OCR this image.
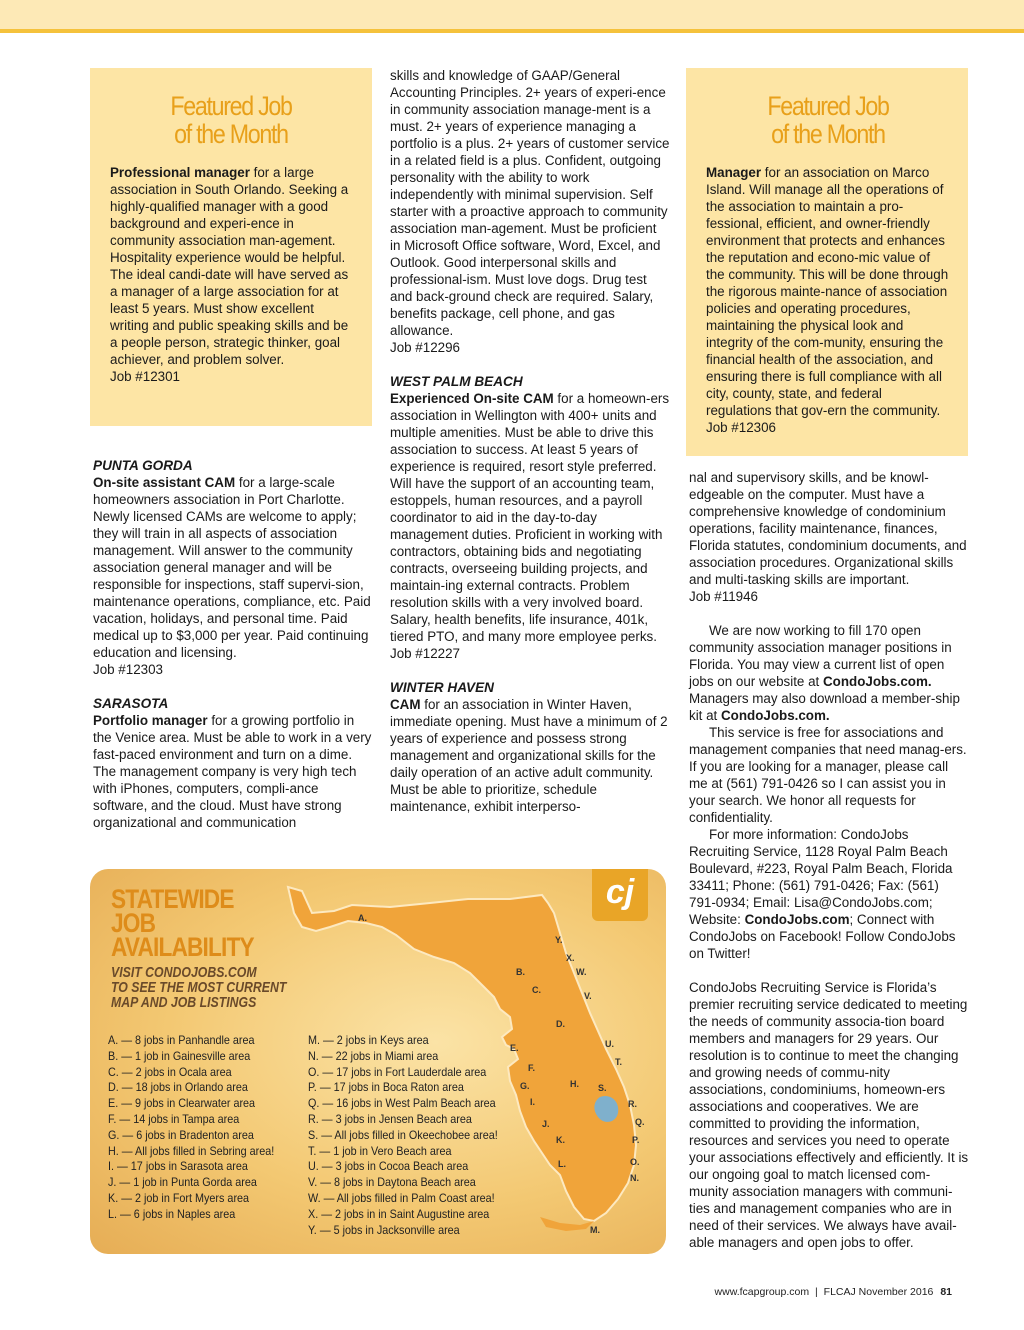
Featured Job

of the Month

Professional manager for a large association in South Orlando. Seeking a highly-qualified manager with a good background and experi-ence in community association man-agement. Hospitality experience would be helpful. The ideal candi-date will have served as a manager of a large association for at least 5 years. Must show excellent writing and public speaking skills and be a people person, strategic thinker, goal achiever, and problem solver.
Job #12301

Featured Job

of the Month

Manager for an association on Marco Island. Will manage all the operations of the association to maintain a pro-fessional, efficient, and owner-friendly environment that protects and enhances the reputation and econo-mic value of the community. This will be done through the rigorous mainte-nance of association policies and operating procedures, maintaining the physical look and integrity of the com-munity, ensuring the financial health of the association, and ensuring there is full compliance with all city, county, state, and federal regulations that gov-ern the community. Job #12306

PUNTA GORDA

On-site assistant CAM for a large-scale homeowners association in Port Charlotte. Newly licensed CAMs are welcome to apply; they will train in all aspects of association management. Will answer to the community association general manager and will be responsible for inspections, staff supervi-sion, maintenance operations, compliance, etc. Paid vacation, holidays, and personal time. Paid medical up to $3,000 per year. Paid continuing education and licensing.
Job #12303

SARASOTA

Portfolio manager for a growing portfolio in the Venice area. Must be able to work in a very fast-paced environment and turn on a dime. The management company is very high tech with iPhones, computers, compli-ance software, and the cloud. Must have strong organizational and communication

skills and knowledge of GAAP/General Accounting Principles. 2+ years of experi-ence in community association manage-ment is a must. 2+ years of experience managing a portfolio is a plus. 2+ years of customer service in a related field is a plus. Confident, outgoing personality with the ability to work independently with minimal supervision. Self starter with a proactive approach to community association man-agement. Must be proficient in Microsoft Office software, Word, Excel, and Outlook. Good interpersonal skills and professional-ism. Must love dogs. Drug test and back-ground check are required. Salary, benefits package, cell phone, and gas allowance.
Job #12296

WEST PALM BEACH

Experienced On-site CAM for a homeown-ers association in Wellington with 400+ units and multiple amenities. Must be able to drive this association to success. At least 5 years of experience is required, resort style preferred. Will have the support of an accounting team, estoppels, human resources, and a payroll coordinator to aid in the day-to-day management duties. Proficient in working with contractors, obtaining bids and negotiating contracts, overseeing building projects, and maintain-ing external contracts. Problem resolution skills with a very involved board. Salary, health benefits, life insurance, 401k, tiered PTO, and many more employee perks.
Job #12227

WINTER HAVEN

CAM for an association in Winter Haven, immediate opening. Must have a minimum of 2 years of experience and possess strong management and organizational skills for the daily operation of an active adult community. Must be able to prioritize, schedule maintenance, exhibit interperso-

nal and supervisory skills, and be knowl-edgeable on the computer. Must have a comprehensive knowledge of condominium operations, facility maintenance, finances, Florida statutes, condominium documents, and association procedures. Organizational skills and multi-tasking skills are important.
Job #11946

We are now working to fill 170 open community association manager positions in Florida. You may view a current list of open jobs on our website at CondoJobs.com. Managers may also download a member-ship kit at CondoJobs.com.

This service is free for associations and management companies that need manag-ers. If you are looking for a manager, please call me at (561) 791-0426 so I can assist you in your search. We honor all requests for confidentiality.

For more information: CondoJobs Recruiting Service, 1128 Royal Palm Beach Boulevard, #223, Royal Palm Beach, Florida 33411; Phone: (561) 791-0426; Fax: (561) 791-0934; Email: Lisa@CondoJobs.com; Website: CondoJobs.com; Connect with CondoJobs on Facebook! Follow CondoJobs on Twitter!

CondoJobs Recruiting Service is Florida’s premier recruiting service dedicated to meeting the needs of community associa-tion board members and managers for 29 years. Our resolution is to continue to meet the changing and growing needs of commu-nity associations, condominiums, homeown-ers associations and cooperatives. We are committed to providing the information, resources and services you need to operate your associations effectively and efficiently. It is our ongoing goal to match licensed com-munity association managers with communi-ties and management companies who are in need of their services. We always have avail-able managers and open jobs to offer.

A.
Y.
X.
W.
B.
C.
V.
D.
U.
E.
F.
T.
G.	H. S.
I.	R.
J.	Q.
K.	P.
O.
L.
N.
M.
cj
STATEWIDE
JOB
AVAILABILITY
VISIT CONDOJOBS.COM
TO SEE THE MOST CURRENT
MAP AND JOB LISTINGS
A. — 8 jobs in Panhandle area
B. — 1 job in Gainesville area
C. — 2 jobs in Ocala area
D. — 18 jobs in Orlando area
E. — 9 jobs in Clearwater area
F. — 14 jobs in Tampa area
G. — 6 jobs in Bradenton area
H. — All jobs filled in Sebring area!
I. — 17 jobs in Sarasota area
J. — 1 job in Punta Gorda area
K. — 2 job in Fort Myers area
L. — 6 jobs in Naples area
M. — 2 jobs in Keys area
N. — 22 jobs in Miami area
O. — 17 jobs in Fort Lauderdale area
P. — 17 jobs in Boca Raton area
Q. — 16 jobs in West Palm Beach area
R. — 3 jobs in Jensen Beach area
S. — All jobs filled in Okeechobee area!
T. — 1 job in Vero Beach area
U. — 3 jobs in Cocoa Beach area
V. — 8 jobs in Daytona Beach area
W. — All jobs filled in Palm Coast area!
X. — 2 jobs in in Saint Augustine area
Y. — 5 jobs in Jacksonville area
www.fcapgroup.com | FLCAJ November 2016 81
